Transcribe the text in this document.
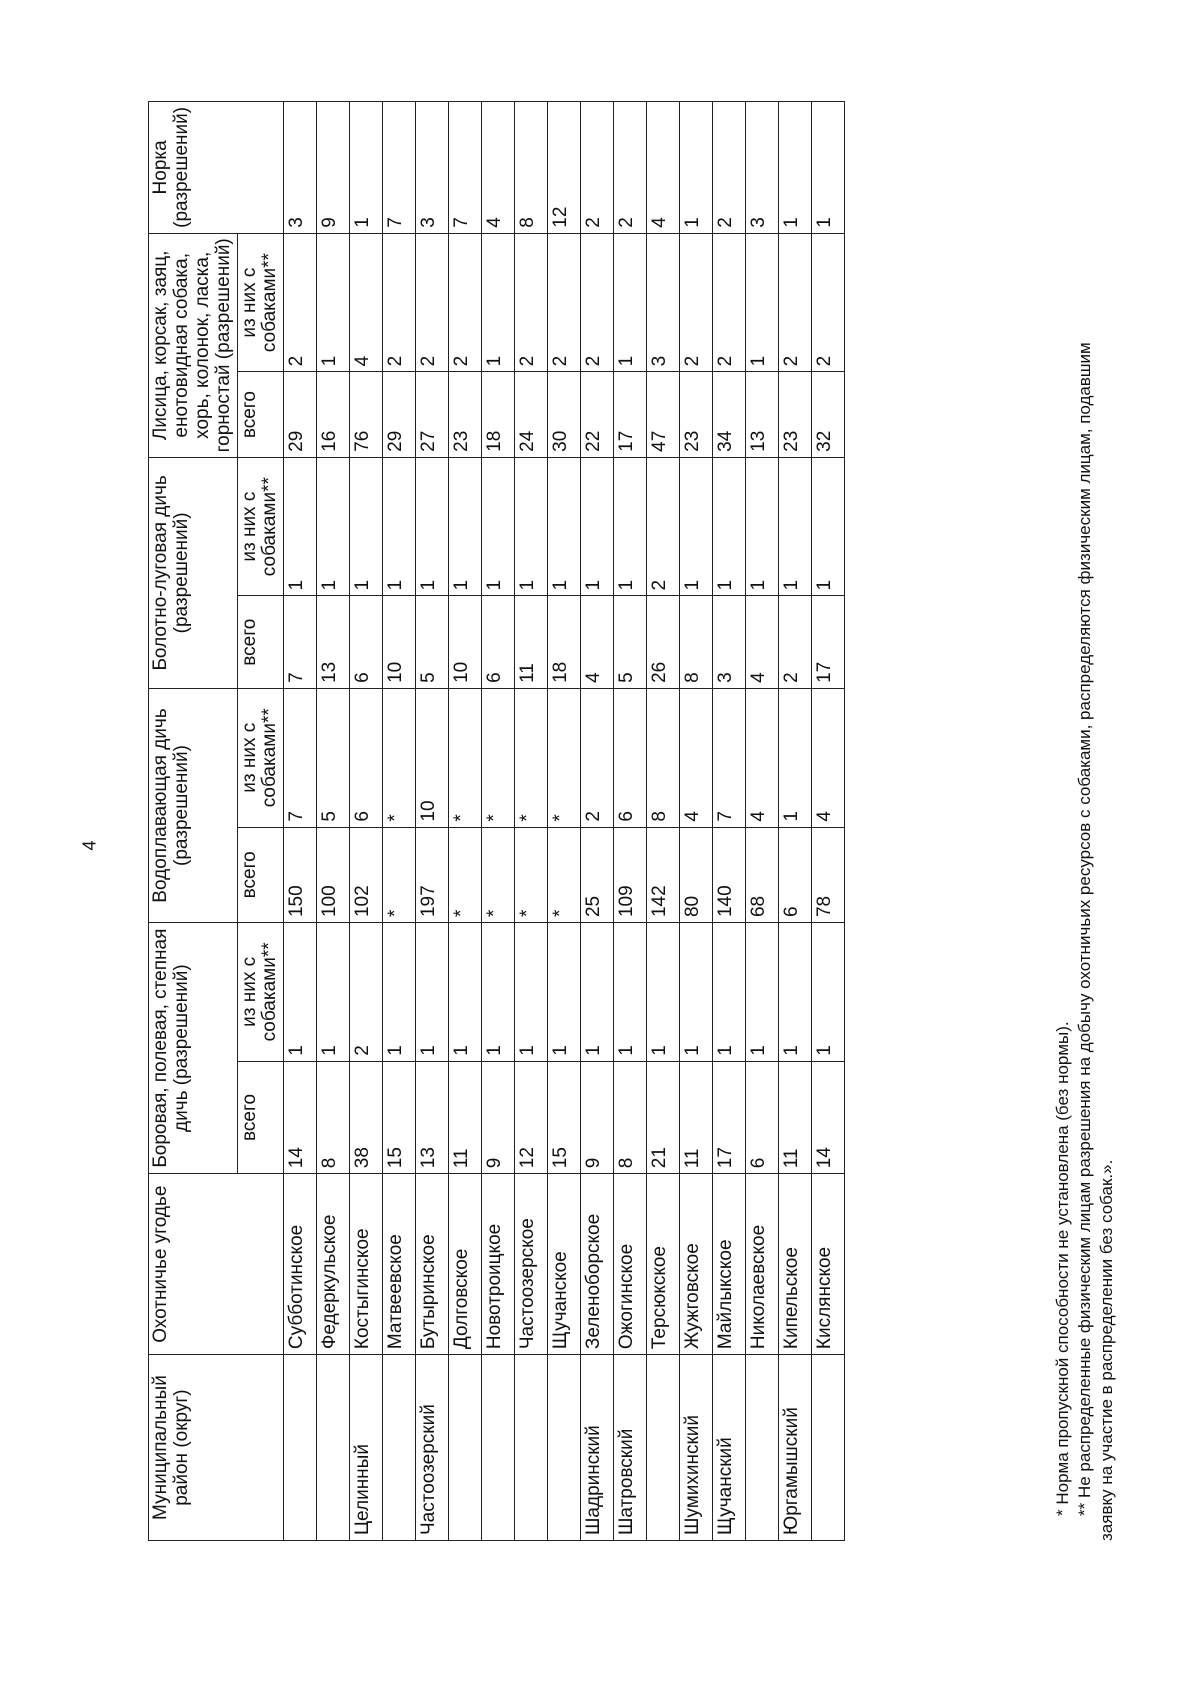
4
Муниципальный район (округ)	Охотничье угодье	Боровая, полевая, степная дичь (разрешений)		Водоплавающая дичь (разрешений)		Болотно-луговая дичь (разрешений)		Лисица, корсак, заяц, енотовидная собака, хорь, колонок, ласка, горностай (разрешений)		Норка (разрешений)
		всего	из них с собаками**	всего	из них с собаками**	всего	из них с собаками**	всего	из них с собаками**	
	Субботинское	14	1	150	7	7	1	29	2	3
	Федеркульское	8	1	100	5	13	1	16	1	9
Целинный	Костыгинское	38	2	102	6	6	1	76	4	1
	Матвеевское	15	1	*	*	10	1	29	2	7
Частоозерский	Бутыринское	13	1	197	10	5	1	27	2	3
	Долговское	11	1	*	*	10	1	23	2	7
	Новотроицкое	9	1	*	*	6	1	18	1	4
	Частоозерское	12	1	*	*	11	1	24	2	8
	Щучанское	15	1	*	*	18	1	30	2	12
Шадринский	Зеленоборское	9	1	25	2	4	1	22	2	2
Шатровский	Ожогинское	8	1	109	6	5	1	17	1	2
	Терсюкское	21	1	142	8	26	2	47	3	4
Шумихинский	Жужговское	11	1	80	4	8	1	23	2	1
Щучанский	Майлыкское	17	1	140	7	3	1	34	2	2
	Николаевское	6	1	68	4	4	1	13	1	3
Юргамышский	Кипельское	11	1	6	1	2	1	23	2	1
	Кислянское	14	1	78	4	17	1	32	2	1

* Норма пропускной способности не установлена (без нормы). ** Не распределенные физическим лицам разрешения на добычу охотничьих ресурсов с собаками, распределяются физическим лицам, подавшим заявку на участие в распределении без собак.».
